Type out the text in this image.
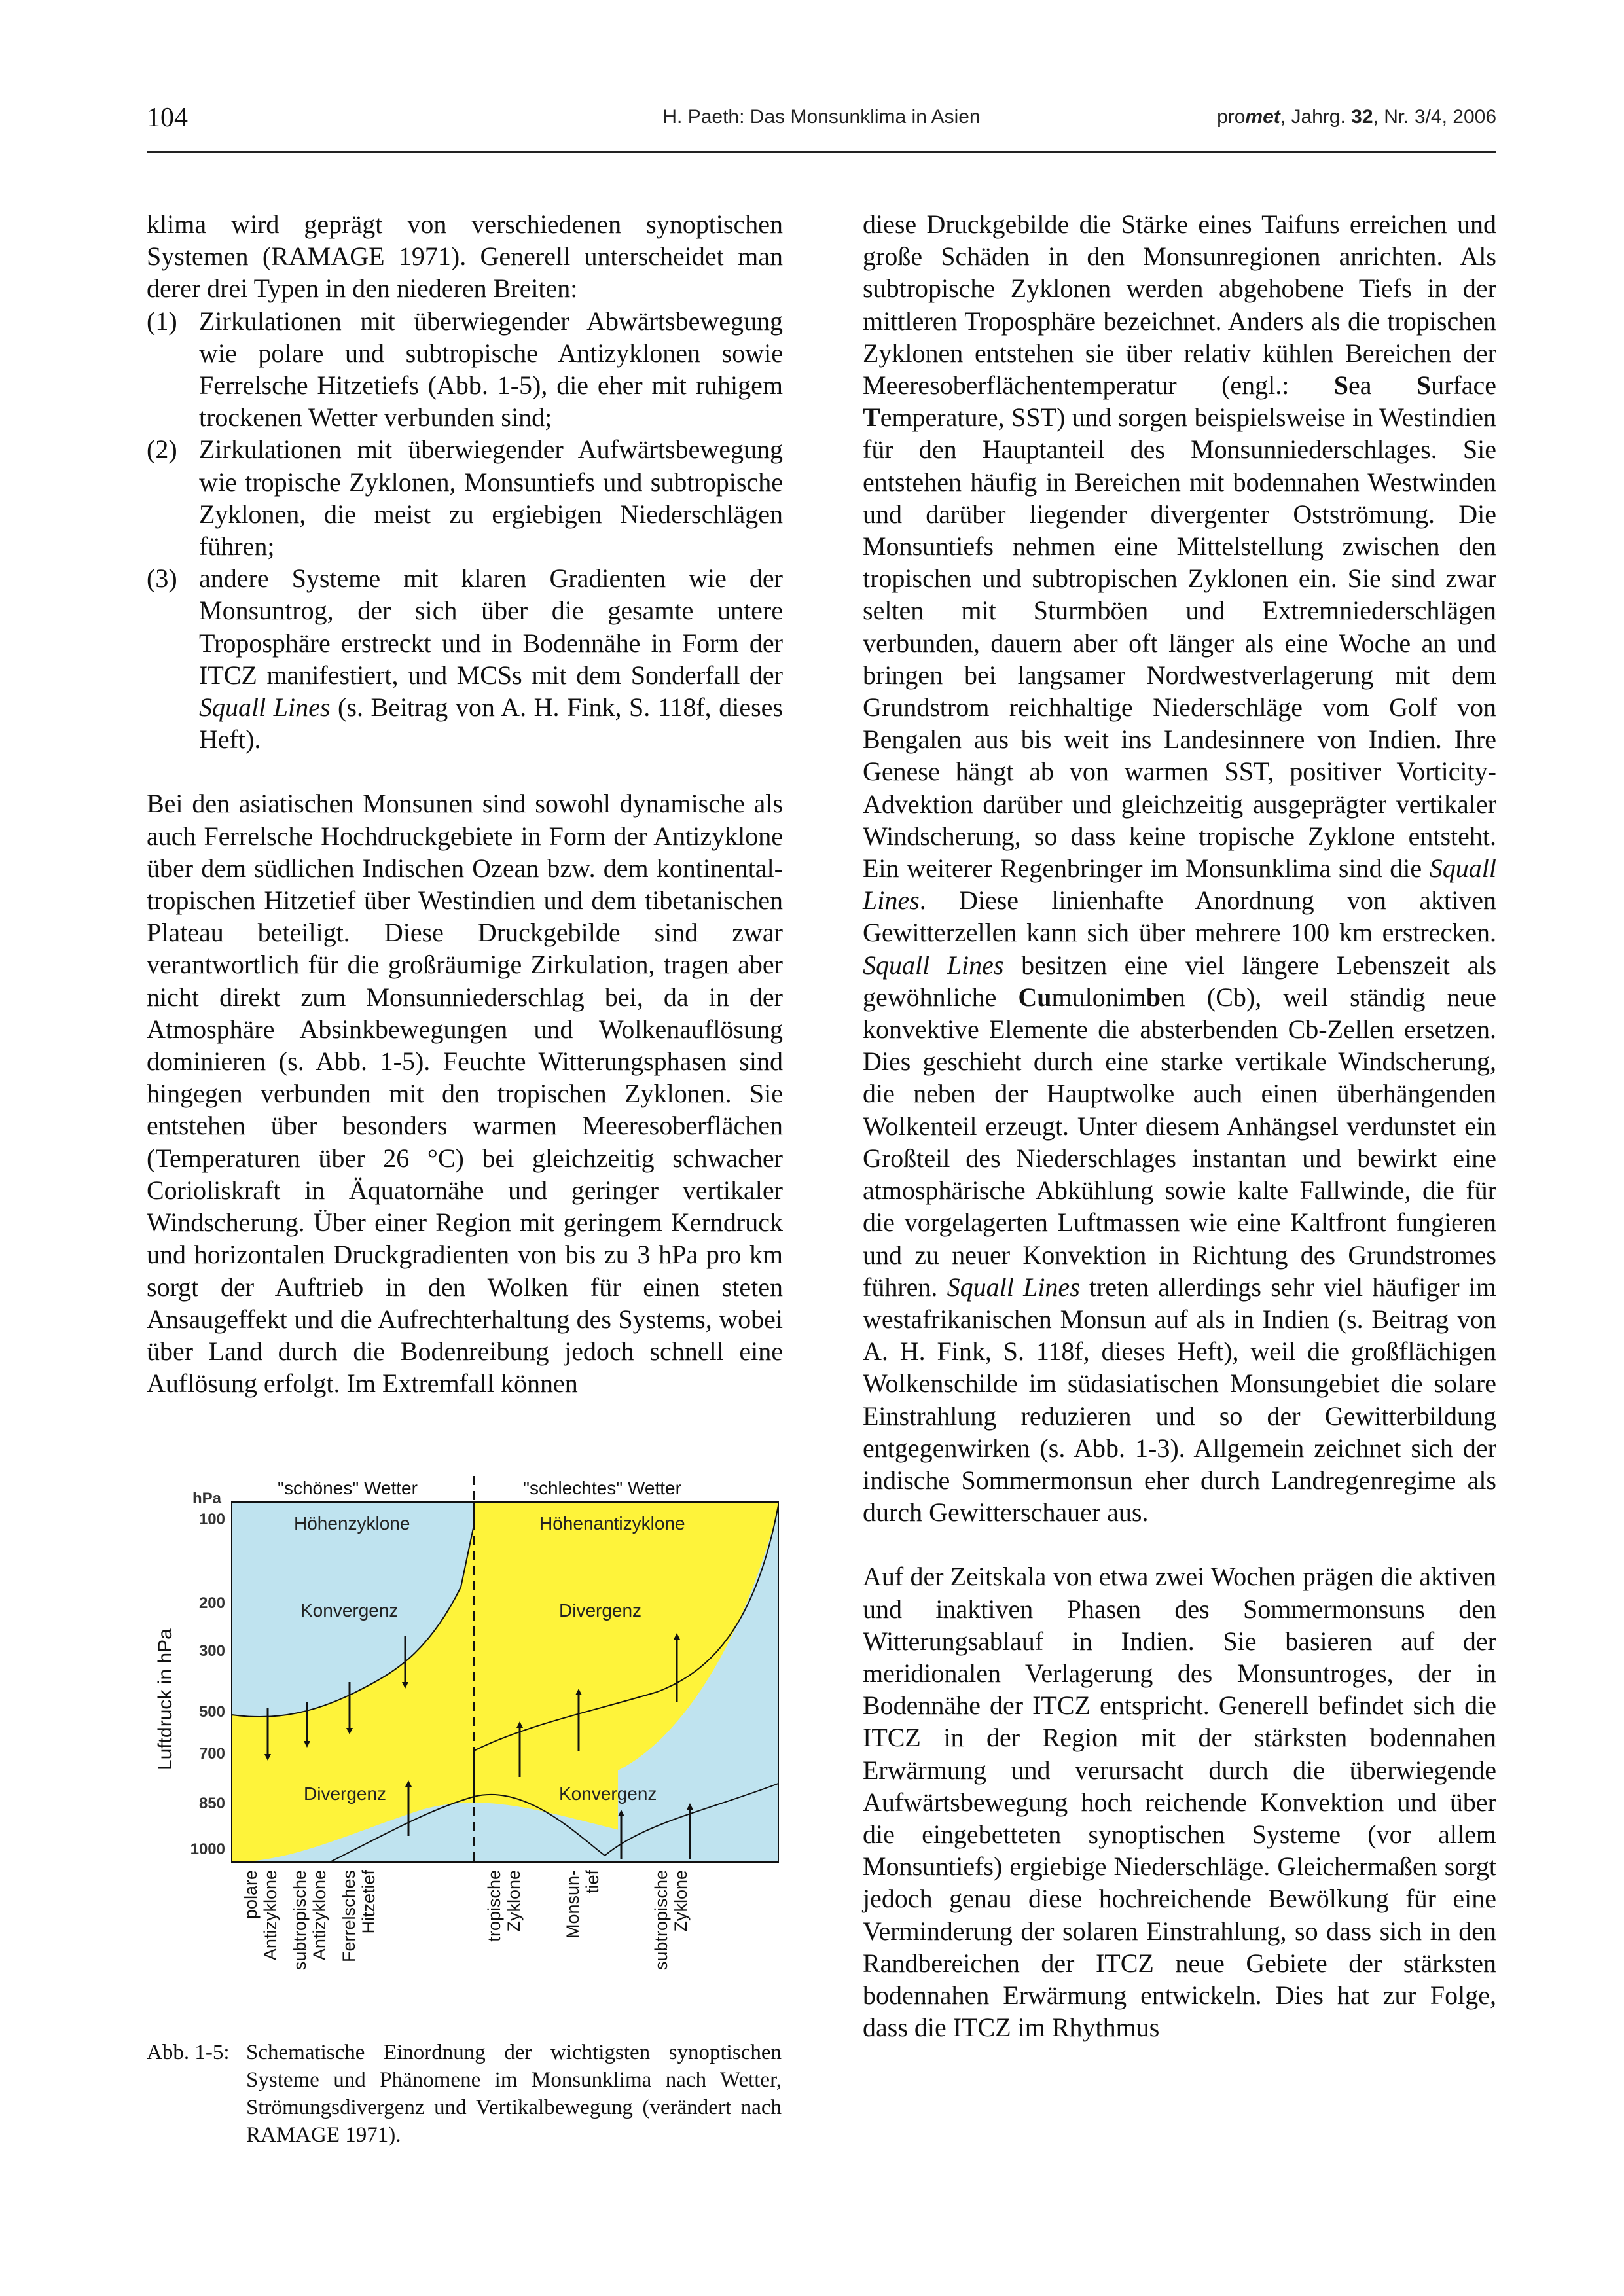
104	H. Paeth: Das Monsunklima in Asien	promet, Jahrg. 32, Nr. 3/4, 2006

klima wird geprägt von verschiedenen synoptischen Systemen (RAMAGE 1971). Generell unterscheidet man derer drei Typen in den niederen Breiten:

(1) Zirkulationen mit überwiegender Abwärtsbewegung wie polare und subtropische Antizyklonen sowie Ferrelsche Hitzetiefs (Abb. 1-5), die eher mit ruhigem trockenen Wetter verbunden sind;
(2) Zirkulationen mit überwiegender Aufwärtsbewegung wie tropische Zyklonen, Monsuntiefs und subtropische Zyklonen, die meist zu ergiebigen Niederschlägen führen;
(3) andere Systeme mit klaren Gradienten wie der Monsuntrog, der sich über die gesamte untere Troposphäre erstreckt und in Bodennähe in Form der ITCZ manifestiert, und MCSs mit dem Sonderfall der Squall Lines (s. Beitrag von A. H. Fink, S. 118f, dieses Heft).

Bei den asiatischen Monsunen sind sowohl dynamische als auch Ferrelsche Hochdruckgebiete in Form der Antizyklone über dem südlichen Indischen Ozean bzw. dem kontinental-tropischen Hitzetief über Westindien und dem tibetanischen Plateau beteiligt. Diese Druckgebilde sind zwar verantwortlich für die großräumige Zirkulation, tragen aber nicht direkt zum Monsunniederschlag bei, da in der Atmosphäre Absinkbewegungen und Wolkenauflösung dominieren (s. Abb. 1-5). Feuchte Witterungsphasen sind hingegen verbunden mit den tropischen Zyklonen. Sie entstehen über besonders warmen Meeresoberflächen (Temperaturen über 26 °C) bei gleichzeitig schwacher Corioliskraft in Äquatornähe und geringer vertikaler Windscherung. Über einer Region mit geringem Kerndruck und horizontalen Druckgradienten von bis zu 3 hPa pro km sorgt der Auftrieb in den Wolken für einen steten Ansaugeffekt und die Aufrechterhaltung des Systems, wobei über Land durch die Bodenreibung jedoch schnell eine Auflösung erfolgt. Im Extremfall können

diese Druckgebilde die Stärke eines Taifuns erreichen und große Schäden in den Monsunregionen anrichten. Als subtropische Zyklonen werden abgehobene Tiefs in der mittleren Troposphäre bezeichnet. Anders als die tropischen Zyklonen entstehen sie über relativ kühlen Bereichen der Meeresoberflächentemperatur (engl.: Sea Surface Temperature, SST) und sorgen beispielsweise in Westindien für den Hauptanteil des Monsunniederschlages. Sie entstehen häufig in Bereichen mit bodennahen Westwinden und darüber liegender divergenter Ostströmung. Die Monsuntiefs nehmen eine Mittelstellung zwischen den tropischen und subtropischen Zyklonen ein. Sie sind zwar selten mit Sturmböen und Extremniederschlägen verbunden, dauern aber oft länger als eine Woche an und bringen bei langsamer Nordwestverlagerung mit dem Grundstrom reichhaltige Niederschläge vom Golf von Bengalen aus bis weit ins Landesinnere von Indien. Ihre Genese hängt ab von warmen SST, positiver Vorticity-Advektion darüber und gleichzeitig ausgeprägter vertikaler Windscherung, so dass keine tropische Zyklone entsteht. Ein weiterer Regenbringer im Monsunklima sind die Squall Lines. Diese linienhafte Anordnung von aktiven Gewitterzellen kann sich über mehrere 100 km erstrecken. Squall Lines besitzen eine viel längere Lebenszeit als gewöhnliche Cumulonimben (Cb), weil ständig neue konvektive Elemente die absterbenden Cb-Zellen ersetzen. Dies geschieht durch eine starke vertikale Windscherung, die neben der Hauptwolke auch einen überhängenden Wolkenteil erzeugt. Unter diesem Anhängsel verdunstet ein Großteil des Niederschlages instantan und bewirkt eine atmosphärische Abkühlung sowie kalte Fallwinde, die für die vorgelagerten Luftmassen wie eine Kaltfront fungieren und zu neuer Konvektion in Richtung des Grundstromes führen. Squall Lines treten allerdings sehr viel häufiger im westafrikanischen Monsun auf als in Indien (s. Beitrag von A. H. Fink, S. 118f, dieses Heft), weil die großflächigen Wolkenschilde im südasiatischen Monsungebiet die solare Einstrahlung reduzieren und so der Gewitterbildung entgegenwirken (s. Abb. 1-3). Allgemein zeichnet sich der indische Sommermonsun eher durch Landregenregime als durch Gewitterschauer aus.

Auf der Zeitskala von etwa zwei Wochen prägen die aktiven und inaktiven Phasen des Sommermonsuns den Witterungsablauf in Indien. Sie basieren auf der meridionalen Verlagerung des Monsuntroges, der in Bodennähe der ITCZ entspricht. Generell befindet sich die ITCZ in der Region mit der stärksten bodennahen Erwärmung und verursacht durch die überwiegende Aufwärtsbewegung hoch reichende Konvektion und über die eingebetteten synoptischen Systeme (vor allem Monsuntiefs) ergiebige Niederschläge. Gleichermaßen sorgt jedoch genau diese hochreichende Bewölkung für eine Verminderung der solaren Einstrahlung, so dass sich in den Randbereichen der ITCZ neue Gebiete der stärksten bodennahen Erwärmung entwickeln. Dies hat zur Folge, dass die ITCZ im Rhythmus

"schönes" Wetter	"schlechtes" Wetter
hPa
Höhenzyklone	Höhenantizyklone
Konvergenz	Divergenz
Divergenz	Konvergenz
100
200
300
500
700
850
1000
Luftdruck in hPa
polare Antizyklone subtropische Antizyklone Ferrelsches Hitzetief	tropische Zyklone Monsun- tief	subtropische Zyklone
Abb. 1-5: Schematische Einordnung der wichtigsten synoptischen Systeme und Phänomene im Monsunklima nach Wetter, Strömungsdivergenz und Vertikalbewegung (verändert nach RAMAGE 1971).
